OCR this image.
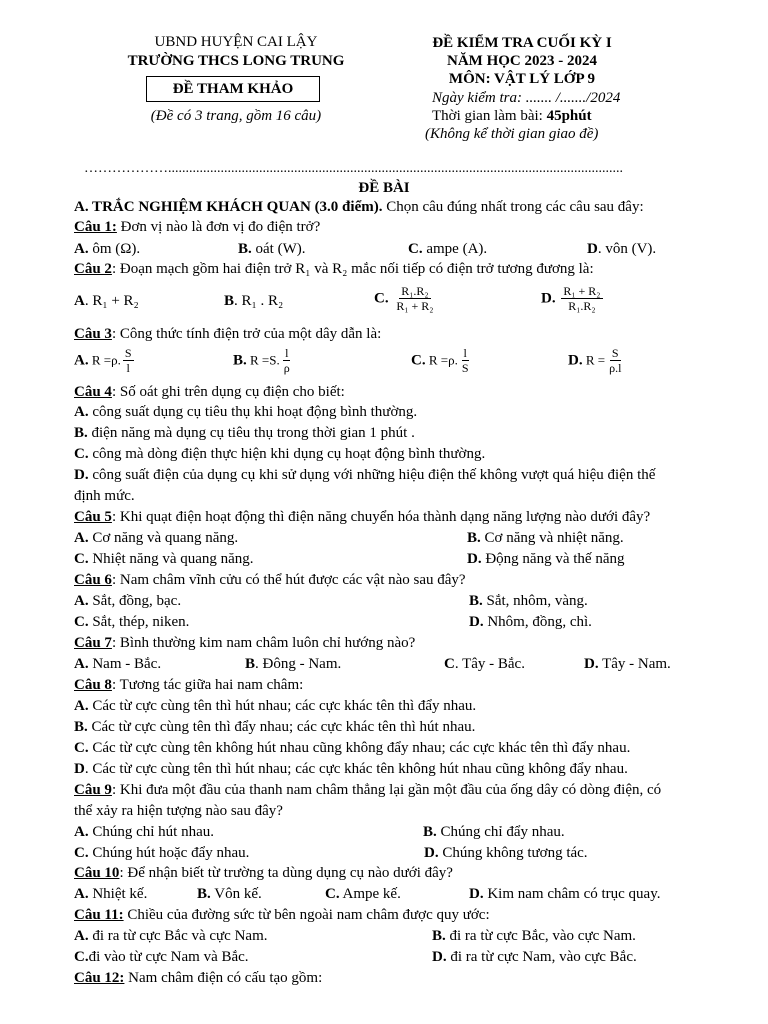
UBND HUYỆN CAI LẬY
TRƯỜNG THCS LONG TRUNG
ĐỀ THAM KHẢO
(Đề có 3 trang, gồm 16 câu)
ĐỀ KIỂM TRA CUỐI KỲ I
NĂM HỌC 2023 - 2024
MÔN: VẬT LÝ LỚP 9
Ngày kiểm tra: ....... /......./2024
Thời gian làm bài: 45phút
(Không kể thời gian giao đề)
………………..................................................................................................................................
ĐỀ BÀI
A. TRẮC NGHIỆM KHÁCH QUAN (3.0 điểm). Chọn câu đúng nhất trong các câu sau đây:
Câu 1: Đơn vị nào là đơn vị đo điện trở?
A. ôm (Ω).	B. oát (W).	C. ampe (A).	D. vôn (V).
Câu 2: Đoạn mạch gồm hai điện trở R₁ và R₂ mắc nối tiếp có điện trở tương đương là:
A. R₁ + R₂	B. R₁ . R₂	C. $\frac{\text{R₁.R₂}}{\text{R₁ + R₂}}$	D. $\frac{\text{R₁ + R₂}}{\text{R₁.R₂}}$
Câu 3: Công thức tính điện trở của một dây dẫn là:
A. R =ρ. $\frac{S}{l}$	B. R =S. $\frac{l}{\rho}$	C. R =ρ. $\frac{l}{S}$	D. $R = \frac{S}{\rho.l}$
Câu 4: Số oát ghi trên dụng cụ điện cho biết:
A. công suất dụng cụ tiêu thụ khi hoạt động bình thường.
B. điện năng mà dụng cụ tiêu thụ trong thời gian 1 phút .
C. công mà dòng điện thực hiện khi dụng cụ hoạt động bình thường.
D. công suất điện của dụng cụ khi sử dụng với những hiệu điện thế không vượt quá hiệu điện thế
định mức.
Câu 5: Khi quạt điện hoạt động thì điện năng chuyển hóa thành dạng năng lượng nào dưới đây?
A. Cơ năng và quang năng.	B. Cơ năng và nhiệt năng.
C. Nhiệt năng và quang năng.	D. Động năng và thế năng
Câu 6: Nam châm vĩnh cửu có thể hút được các vật nào sau đây?
A. Sắt, đồng, bạc.	B. Sắt, nhôm, vàng.
C. Sắt, thép, niken.	D. Nhôm, đồng, chì.
Câu 7: Bình thường kim nam châm luôn chỉ hướng nào?
A. Nam - Bắc.	B. Đông - Nam.	C. Tây - Bắc.	D. Tây - Nam.
Câu 8: Tương tác giữa hai nam châm:
A. Các từ cực cùng tên thì hút nhau; các cực khác tên thì đẩy nhau.
B. Các từ cực cùng tên thì đẩy nhau; các cực khác tên thì hút nhau.
C. Các từ cực cùng tên không hút nhau cũng không đẩy nhau; các cực khác tên thì đẩy nhau.
D. Các từ cực cùng tên thì hút nhau; các cực khác tên không hút nhau cũng không đẩy nhau.
Câu 9: Khi đưa một đầu của thanh nam châm thẳng lại gần một đầu của ống dây có dòng điện, có
thể xảy ra hiện tượng nào sau đây?
A. Chúng chỉ hút nhau.	B. Chúng chỉ đẩy nhau.
C. Chúng hút hoặc đẩy nhau.	D. Chúng không tương tác.
Câu 10: Để nhận biết từ trường ta dùng dụng cụ nào dưới đây?
A. Nhiệt kế.	B. Vôn kế.	C. Ampe kế.	D. Kim nam châm có trục quay.
Câu 11: Chiều của đường sức từ bên ngoài nam châm được quy ước:
A. đi ra từ cực Bắc và cực Nam.	B. đi ra từ cực Bắc, vào cực Nam.
C.đi vào từ cực Nam và Bắc.	D. đi ra từ cực Nam, vào cực Bắc.
Câu 12: Nam châm điện có cấu tạo gồm:
